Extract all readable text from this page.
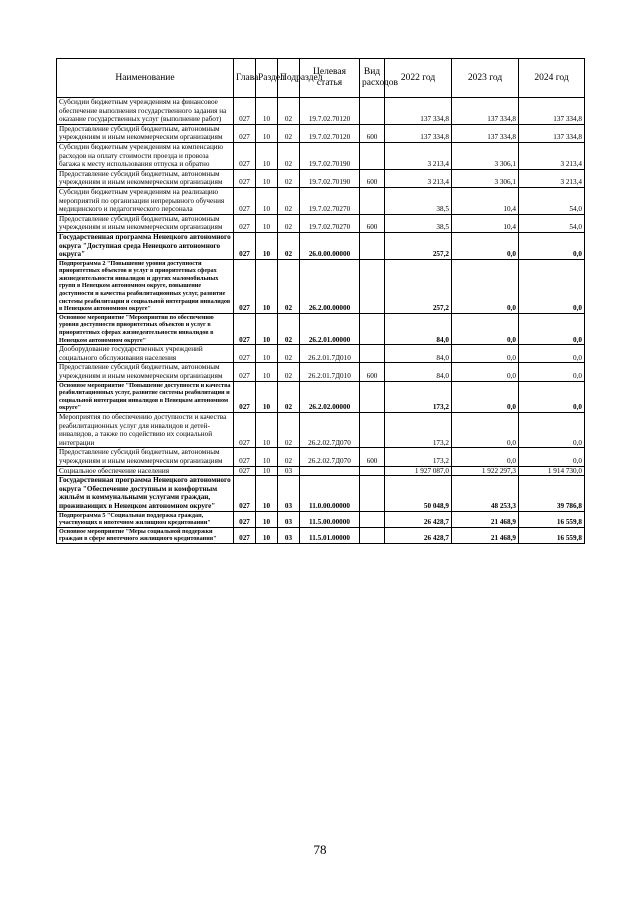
Наименование	Глава	Раздел	Подраздел	Целевая статья	Вид расходов	2022 год	2023 год	2024 год
Субсидии бюджетным учреждениям на финансовое обеспечение выполнения государственного задания на оказание государственных услуг (выполнение работ)	027	10	02	19.7.02.70120		137 334,8	137 334,8	137 334,8
Предоставление субсидий бюджетным, автономным учреждениям и иным некоммерческим организациям	027	10	02	19.7.02.70120	600	137 334,8	137 334,8	137 334,8
Субсидии бюджетным учреждениям на компенсацию расходов на оплату стоимости проезда и провоза багажа к месту использования отпуска и обратно	027	10	02	19.7.02.70190		3 213,4	3 306,1	3 213,4
Предоставление субсидий бюджетным, автономным учреждениям и иным некоммерческим организациям	027	10	02	19.7.02.70190	600	3 213,4	3 306,1	3 213,4
Субсидии бюджетным учреждениям на реализацию мероприятий по организации непрерывного обучения медицинского и педагогического персонала	027	10	02	19.7.02.70270		38,5	10,4	54,0
Предоставление субсидий бюджетным, автономным учреждениям и иным некоммерческим организациям	027	10	02	19.7.02.70270	600	38,5	10,4	54,0
Государственная программа Ненецкого автономного округа "Доступная среда Ненецкого автономного округа"	027	10	02	26.0.00.00000		257,2	0,0	0,0
Подпрограмма 2 "Повышение уровня доступности приоритетных объектов и услуг в приоритетных сферах жизнедеятельности инвалидов и других маломобильных групп в Ненецком автономном округе, повышение доступности и качества реабилитационных услуг, развитие системы реабилитации и социальной интеграции инвалидов в Ненецком автономном округе"	027	10	02	26.2.00.00000		257,2	0,0	0,0
Основное мероприятие "Мероприятия по обеспечению уровня доступности приоритетных объектов и услуг в приоритетных сферах жизнедеятельности инвалидов в Ненецком автономном округе"	027	10	02	26.2.01.00000		84,0	0,0	0,0
Дооборудование государственных учреждений социального обслуживания населения	027	10	02	26.2.01.7Д010		84,0	0,0	0,0
Предоставление субсидий бюджетным, автономным учреждениям и иным некоммерческим организациям	027	10	02	26.2.01.7Д010	600	84,0	0,0	0,0
Основное мероприятие "Повышение доступности и качества реабилитационных услуг, развитие системы реабилитации и социальной интеграции инвалидов в Ненецком автономном округе"	027	10	02	26.2.02.00000		173,2	0,0	0,0
Мероприятия по обеспечению доступности и качества реабилитационных услуг для инвалидов и детей-инвалидов, а также по содействию их социальной интеграции	027	10	02	26.2.02.7Д070		173,2	0,0	0,0
Предоставление субсидий бюджетным, автономным учреждениям и иным некоммерческим организациям	027	10	02	26.2.02.7Д070	600	173,2	0,0	0,0
Социальное обеспечение населения	027	10	03			1 927 087,0	1 922 297,3	1 914 730,0
Государственная программа Ненецкого автономного округа "Обеспечение доступным и комфортным жильём и коммунальными услугами граждан, проживающих в Ненецком автономном округе"	027	10	03	11.0.00.00000		50 048,9	48 253,3	39 786,8
Подпрограмма 5 "Социальная поддержка граждан, участвующих в ипотечном жилищном кредитовании"	027	10	03	11.5.00.00000		26 428,7	21 468,9	16 559,8
Основное мероприятие "Меры социальной поддержки граждан в сфере ипотечного жилищного кредитования"	027	10	03	11.5.01.00000		26 428,7	21 468,9	16 559,8
78
